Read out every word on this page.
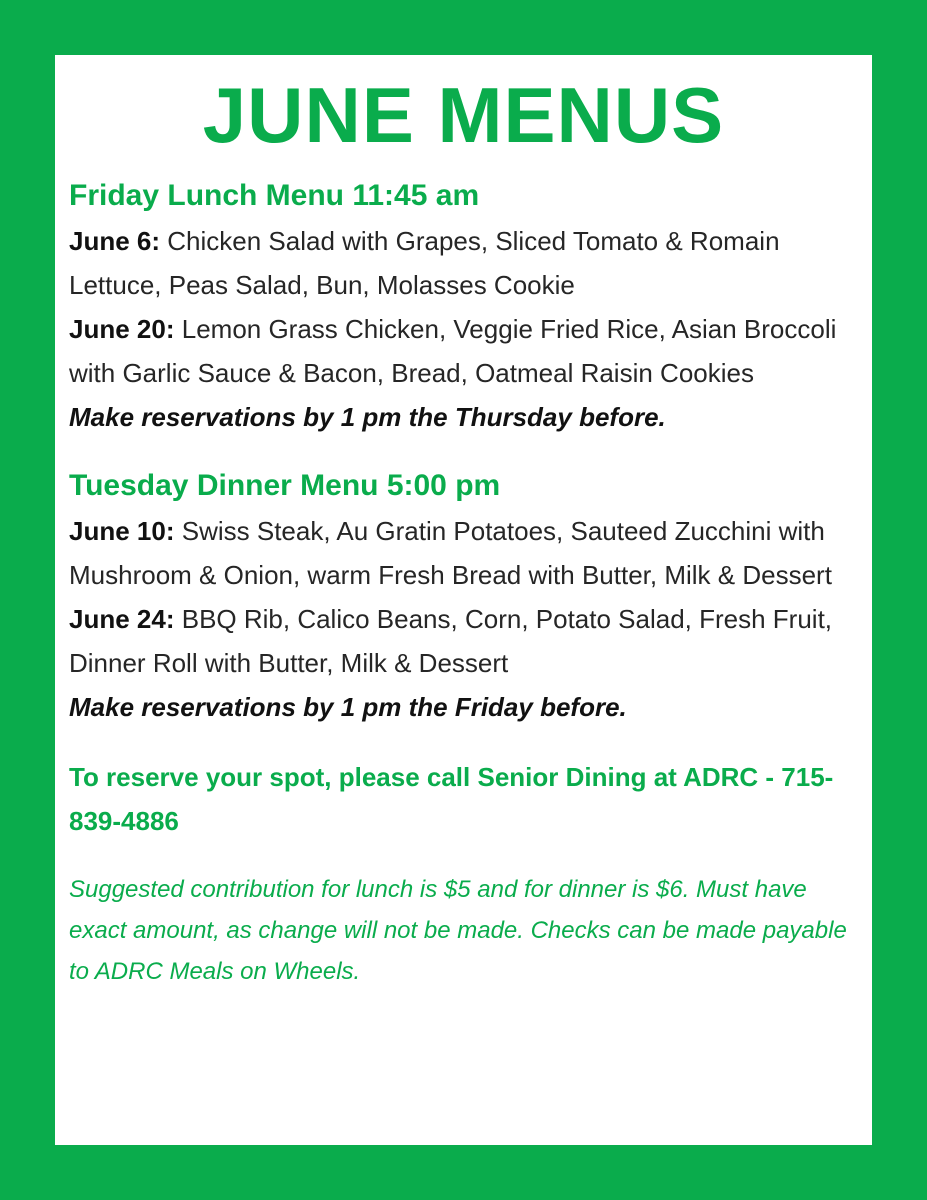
JUNE MENUS
Friday Lunch Menu 11:45 am

June 6: Chicken Salad with Grapes, Sliced Tomato & Romain Lettuce, Peas Salad, Bun, Molasses Cookie

June 20: Lemon Grass Chicken, Veggie Fried Rice, Asian Broccoli with Garlic Sauce & Bacon, Bread, Oatmeal Raisin Cookies

Make reservations by 1 pm the Thursday before.

Tuesday Dinner Menu 5:00 pm

June 10: Swiss Steak, Au Gratin Potatoes, Sauteed Zucchini with Mushroom & Onion, warm Fresh Bread with Butter, Milk & Dessert

June 24: BBQ Rib, Calico Beans, Corn, Potato Salad, Fresh Fruit, Dinner Roll with Butter, Milk & Dessert

Make reservations by 1 pm the Friday before.

To reserve your spot, please call Senior Dining at ADRC - 715-839-4886

Suggested contribution for lunch is $5 and for dinner is $6. Must have exact amount, as change will not be made. Checks can be made payable to ADRC Meals on Wheels.
